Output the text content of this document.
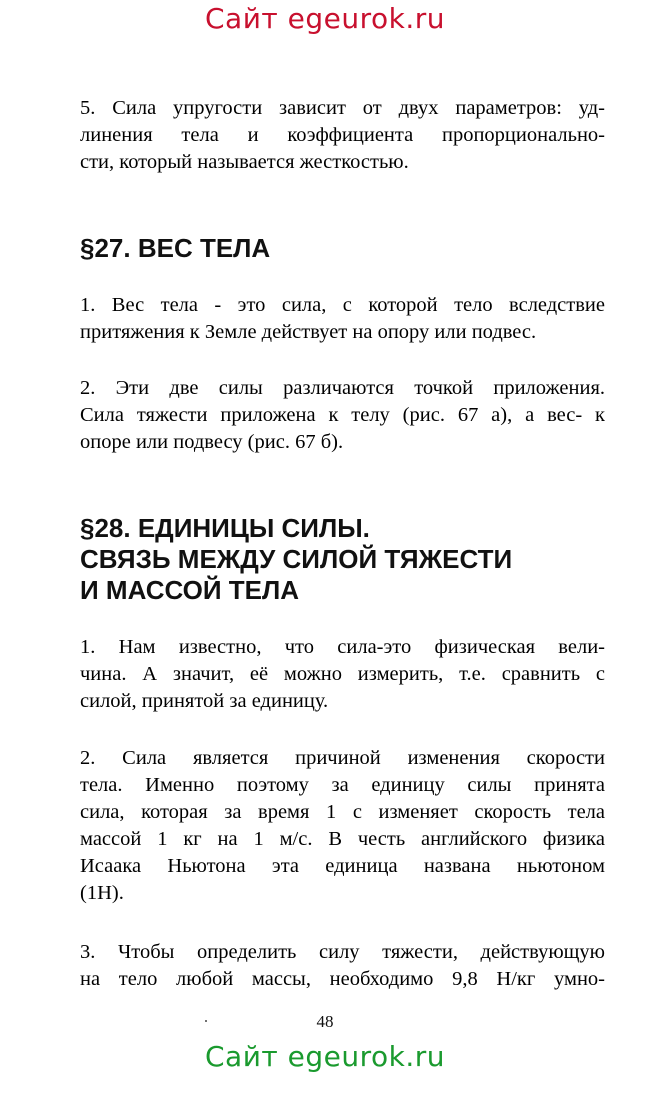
Сайт egeurok.ru

5. Сила упругости зависит от двух параметров: уд-
линения тела и коэффициента пропорциональнo-
сти, который называется жесткостью.

§27. ВЕС ТЕЛА

1. Вес тела - это сила, с которой тело вследствие
притяжения к Земле действует на опору или подвес.

2. Эти две силы различаются точкой приложения.
Сила тяжести приложена к телу (рис. 67 а), а вес- к
опоре или подвесу (рис. 67 б).

§28. ЕДИНИЦЫ СИЛЫ.
СВЯЗЬ МЕЖДУ СИЛОЙ ТЯЖЕСТИ
И МАССОЙ ТЕЛА

1. Нам известно, что сила-это физическая вели-
чина. А значит, её можно измерить, т.е. сравнить с
силой, принятой за единицу.

2. Сила является причиной изменения скорости
тела. Именно поэтому за единицу силы принята
сила, которая за время 1 с изменяет скорость тела
массой 1 кг на 1 м/с. В честь английского физика
Исаака Ньютона эта единица названа ньютоном
(1Н).

3. Чтобы определить силу тяжести, действующую
на тело любой массы, необходимо 9,8 Н/кг умно-

48
Сайт egeurok.ru
